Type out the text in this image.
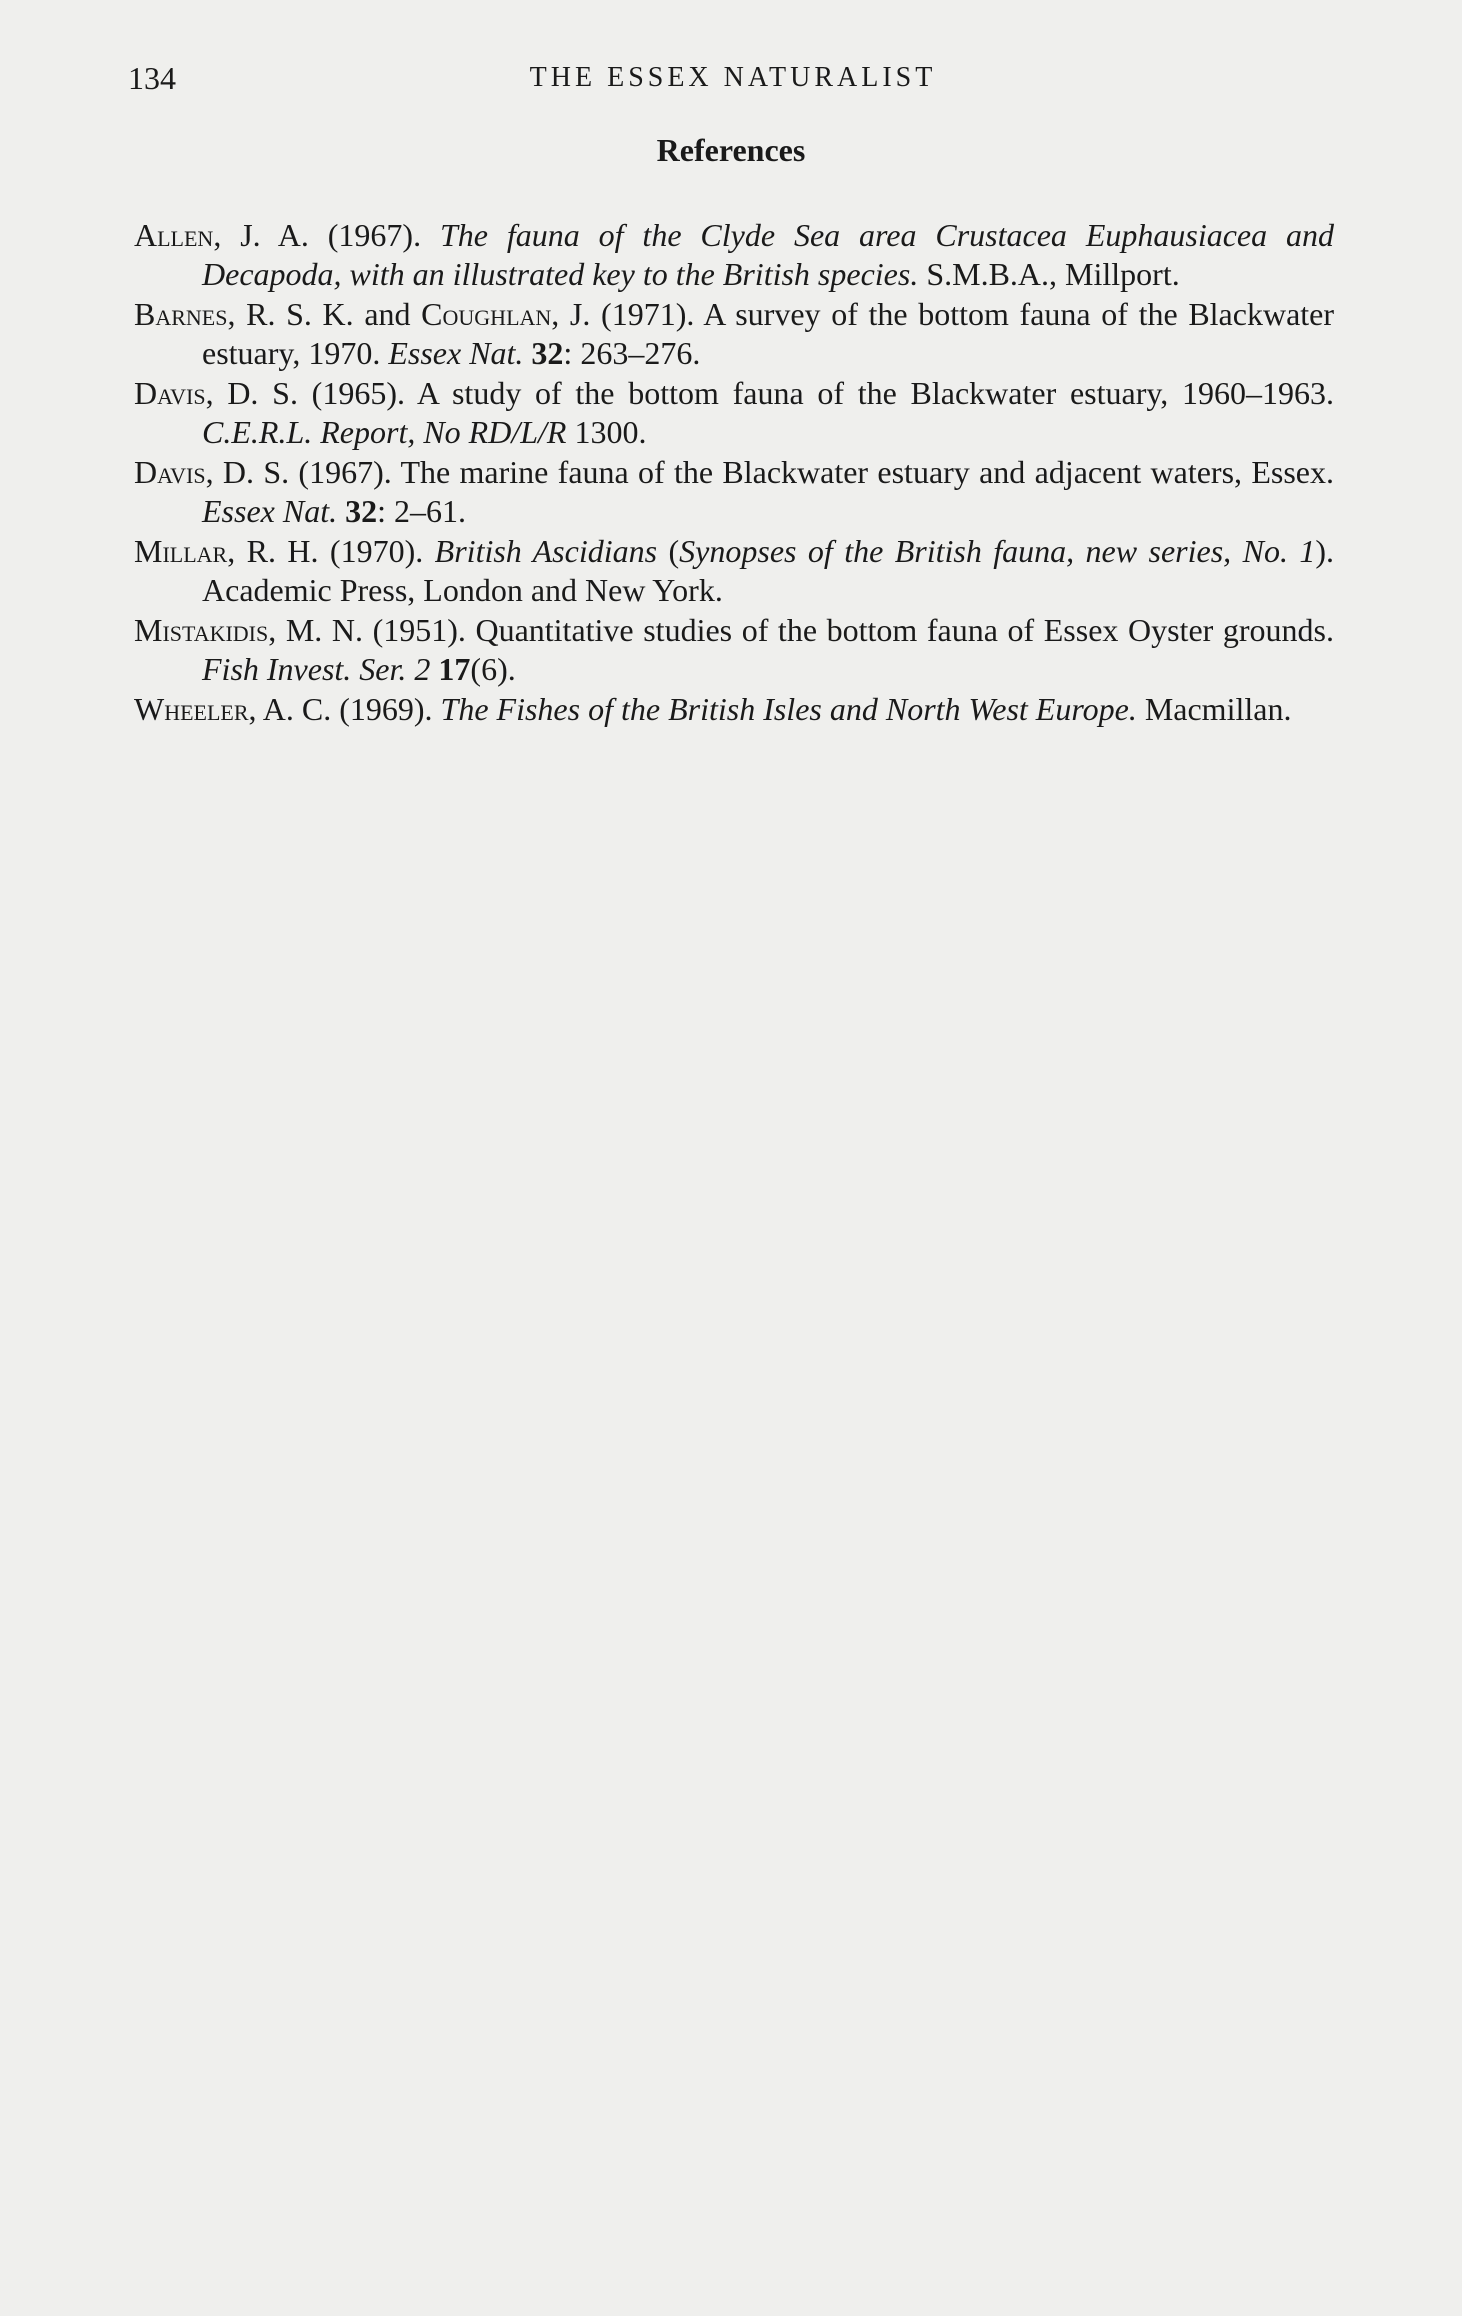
134	THE ESSEX NATURALIST
References
Allen, J. A. (1967). The fauna of the Clyde Sea area Crustacea Euphausiacea and Decapoda, with an illustrated key to the British species. S.M.B.A., Millport.
Barnes, R. S. K. and Coughlan, J. (1971). A survey of the bottom fauna of the Blackwater estuary, 1970. Essex Nat. 32: 263–276.
Davis, D. S. (1965). A study of the bottom fauna of the Blackwater estuary, 1960–1963. C.E.R.L. Report, No RD/L/R 1300.
Davis, D. S. (1967). The marine fauna of the Blackwater estuary and adjacent waters, Essex. Essex Nat. 32: 2–61.
Millar, R. H. (1970). British Ascidians (Synopses of the British fauna, new series, No. 1). Academic Press, London and New York.
Mistakidis, M. N. (1951). Quantitative studies of the bottom fauna of Essex Oyster grounds. Fish Invest. Ser. 2 17(6).
Wheeler, A. C. (1969). The Fishes of the British Isles and North West Europe. Macmillan.
